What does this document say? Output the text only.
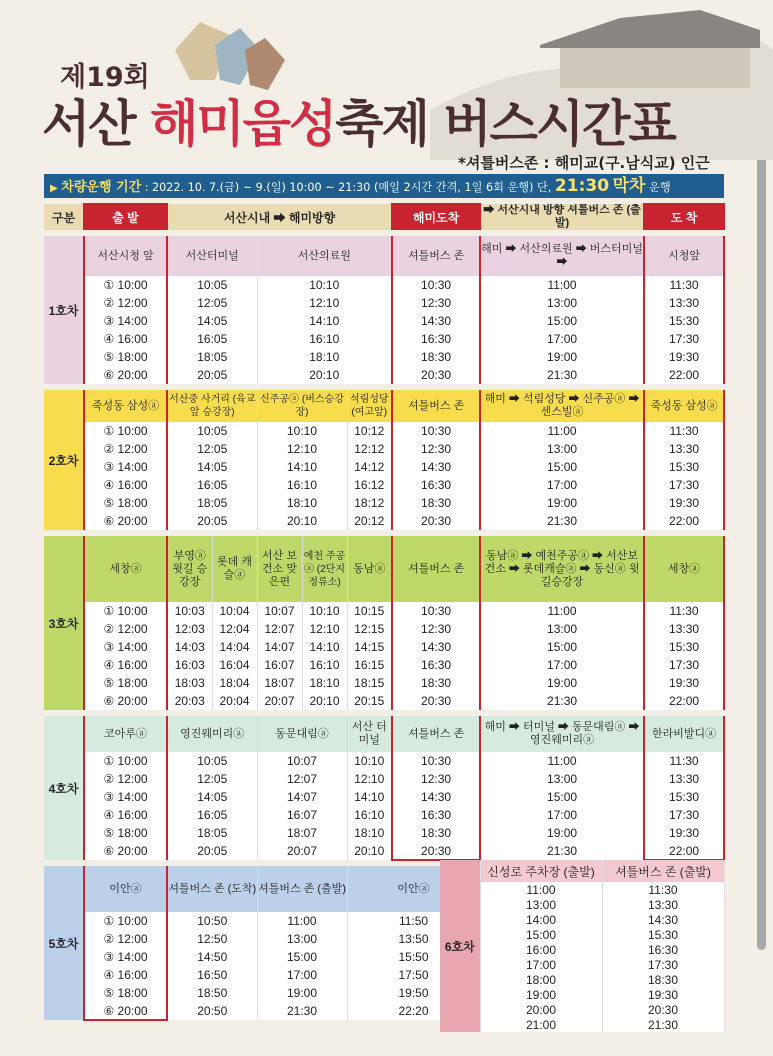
제19회
서산 해미읍성축제 버스시간표
*셔틀버스존 : 해미교(구.남식교) 인근
▶ 차량운행 기간 : 2022. 10. 7.(금) ~ 9.(일) 10:00 ~ 21:30 (매일 2시간 간격, 1일 6회 운행) 단, 21:30 막차 운행
구분	출 발	서산시내 ➡ 해미방향					해미도착	➡ 서산시내 방향 셔틀버스 존 (출발)	도 착

1호차	서산시청 앞	서산터미널		서산의료원			셔틀버스 존	해미 ➡ 서산의료원 ➡ 버스터미널 ➡	시청앞
	① 10:00	10:05		10:10			10:30	11:00	11:30
	② 12:00	12:05		12:10			12:30	13:00	13:30
	③ 14:00	14:05		14:10			14:30	15:00	15:30
	④ 16:00	16:05		16:10			16:30	17:00	17:30
	⑤ 18:00	18:05		18:10			18:30	19:00	19:30
	⑥ 20:00	20:05		20:10			20:30	21:30	22:00

2호차	죽성동 삼성ⓐ	서산중 사거리 (육교앞 승강장)		신주공ⓐ (버스승강장)		석림성당 (여고앞)	셔틀버스 존	해미 ➡ 석림성당 ➡ 신주공ⓐ ➡ 센스빌ⓐ	죽성동 삼성ⓐ
	① 10:00	10:05		10:10		10:12	10:30	11:00	11:30
	② 12:00	12:05		12:10		12:12	12:30	13:00	13:30
	③ 14:00	14:05		14:10		14:12	14:30	15:00	15:30
	④ 16:00	16:05		16:10		16:12	16:30	17:00	17:30
	⑤ 18:00	18:05		18:10		18:12	18:30	19:00	19:30
	⑥ 20:00	20:05		20:10		20:12	20:30	21:30	22:00

3호차	세창ⓐ	부영ⓐ 윗길 승강장	롯데 캐슬ⓐ	서산 보건소 맞은편	예천 주공ⓐ (2단지 정류소)	동남ⓐ	셔틀버스 존	동남ⓐ ➡ 예천주공ⓐ ➡ 서산보건소 ➡ 롯데캐슬ⓐ ➡ 동신ⓐ 윗길승강장	세창ⓐ
	① 10:00	10:03	10:04	10:07	10:10	10:15	10:30	11:00	11:30
	② 12:00	12:03	12:04	12:07	12:10	12:15	12:30	13:00	13:30
	③ 14:00	14:03	14:04	14:07	14:10	14:15	14:30	15:00	15:30
	④ 16:00	16:03	16:04	16:07	16:10	16:15	16:30	17:00	17:30
	⑤ 18:00	18:03	18:04	18:07	18:10	18:15	18:30	19:00	19:30
	⑥ 20:00	20:03	20:04	20:07	20:10	20:15	20:30	21:30	22:00

4호차	코아루ⓐ	영진웨미리ⓐ		동문대림ⓐ		서산 터미널	셔틀버스 존	해미 ➡ 터미널 ➡ 동문대림ⓐ ➡ 영진웨미리ⓐ	한라비발디ⓐ
	① 10:00	10:05		10:07		10:10	10:30	11:00	11:30
	② 12:00	12:05		12:07		12:10	12:30	13:00	13:30
	③ 14:00	14:05		14:07		14:10	14:30	15:00	15:30
	④ 16:00	16:05		16:07		16:10	16:30	17:00	17:30
	⑤ 18:00	18:05		18:07		18:10	18:30	19:00	19:30
	⑥ 20:00	20:05		20:07		20:10	20:30	21:30	22:00

5호차	이안ⓐ	셔틀버스 존 (도착)		셔틀버스 존 (출발)		이안ⓐ			
	① 10:00	10:50		11:00		11:50			
	② 12:00	12:50		13:00		13:50			
	③ 14:00	14:50		15:00		15:50			
	④ 16:00	16:50		17:00		17:50			
	⑤ 18:00	18:50		19:00		19:50			
	⑥ 20:00	20:50		21:30		22:20			
6호차	신성로 주차장 (출발)	셔틀버스 존 (출발)
	11:00	11:30
	13:00	13:30
	14:00	14:30
	15:00	15:30
	16:00	16:30
	17:00	17:30
	18:00	18:30
	19:00	19:30
	20:00	20:30
	21:00	21:30
